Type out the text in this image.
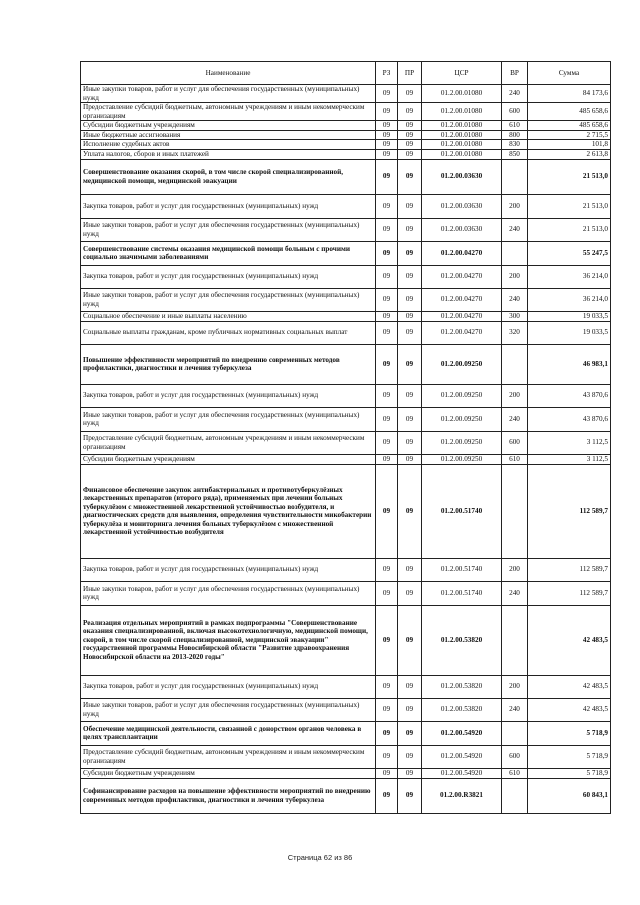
Наименование	РЗ	ПР	ЦСР	ВР	Сумма
Иные закупки товаров, работ и услуг для обеспечения государственных (муниципальных) нужд	09	09	01.2.00.01080	240	84 173,6
Предоставление субсидий бюджетным, автономным учреждениям и иным некоммерческим организациям	09	09	01.2.00.01080	600	485 658,6
Субсидии бюджетным учреждениям	09	09	01.2.00.01080	610	485 658,6
Иные бюджетные ассигнования	09	09	01.2.00.01080	800	2 715,5
Исполнение судебных актов	09	09	01.2.00.01080	830	101,8
Уплата налогов, сборов и иных платежей	09	09	01.2.00.01080	850	2 613,8
Совершенствование оказания скорой, в том числе скорой специализированной, медицинской помощи, медицинской эвакуации	09	09	01.2.00.03630		21 513,0
Закупка товаров, работ и услуг для государственных (муниципальных) нужд	09	09	01.2.00.03630	200	21 513,0
Иные закупки товаров, работ и услуг для обеспечения государственных (муниципальных) нужд	09	09	01.2.00.03630	240	21 513,0
Совершенствование системы оказания медицинской помощи больным с прочими социально значимыми заболеваниями	09	09	01.2.00.04270		55 247,5
Закупка товаров, работ и услуг для государственных (муниципальных) нужд	09	09	01.2.00.04270	200	36 214,0
Иные закупки товаров, работ и услуг для обеспечения государственных (муниципальных) нужд	09	09	01.2.00.04270	240	36 214,0
Социальное обеспечение и иные выплаты населению	09	09	01.2.00.04270	300	19 033,5
Социальные выплаты гражданам, кроме публичных нормативных социальных выплат	09	09	01.2.00.04270	320	19 033,5
Повышение эффективности мероприятий по внедрению современных методов профилактики, диагностики и лечения туберкулеза	09	09	01.2.00.09250		46 983,1
Закупка товаров, работ и услуг для государственных (муниципальных) нужд	09	09	01.2.00.09250	200	43 870,6
Иные закупки товаров, работ и услуг для обеспечения государственных (муниципальных) нужд	09	09	01.2.00.09250	240	43 870,6
Предоставление субсидий бюджетным, автономным учреждениям и иным некоммерческим организациям	09	09	01.2.00.09250	600	3 112,5
Субсидии бюджетным учреждениям	09	09	01.2.00.09250	610	3 112,5
Финансовое обеспечение закупок антибактериальных и противотуберкулёзных лекарственных препаратов (второго ряда), применяемых при лечении больных туберкулёзом с множественной лекарственной устойчивостью возбудителя, и диагностических средств для выявления, определения чувствительности микобактерии туберкулёза и мониторинга лечения больных туберкулёзом с множественной лекарственной устойчивостью возбудителя	09	09	01.2.00.51740		112 589,7
Закупка товаров, работ и услуг для государственных (муниципальных) нужд	09	09	01.2.00.51740	200	112 589,7
Иные закупки товаров, работ и услуг для обеспечения государственных (муниципальных) нужд	09	09	01.2.00.51740	240	112 589,7
Реализация отдельных мероприятий в рамках подпрограммы "Совершенствование оказания специализированной, включая высокотехнологичную, медицинской помощи, скорой, в том числе скорой специализированной, медицинской эвакуации" государственной программы Новосибирской области "Развитие здравоохранения Новосибирской области на 2013-2020 годы"	09	09	01.2.00.53820		42 483,5
Закупка товаров, работ и услуг для государственных (муниципальных) нужд	09	09	01.2.00.53820	200	42 483,5
Иные закупки товаров, работ и услуг для обеспечения государственных (муниципальных) нужд	09	09	01.2.00.53820	240	42 483,5
Обеспечение медицинской деятельности, связанной с донорством органов человека в целях трансплантации	09	09	01.2.00.54920		5 718,9
Предоставление субсидий бюджетным, автономным учреждениям и иным некоммерческим организациям	09	09	01.2.00.54920	600	5 718,9
Субсидии бюджетным учреждениям	09	09	01.2.00.54920	610	5 718,9
Софинансирование расходов на повышение эффективности мероприятий по внедрению современных методов профилактики, диагностики и лечения туберкулеза	09	09	01.2.00.R3821		60 843,1
Страница 62 из 86
